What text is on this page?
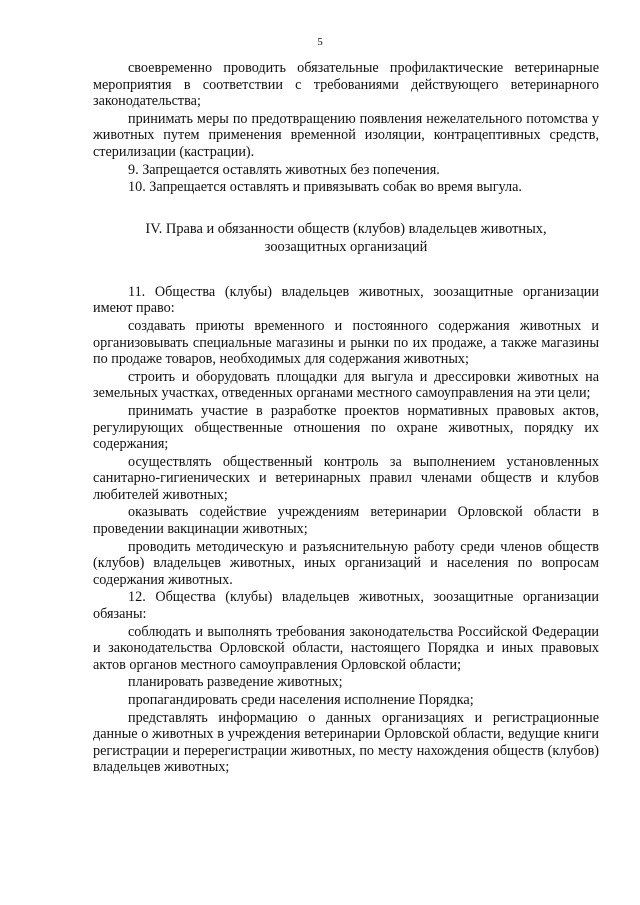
5

своевременно проводить обязательные профилактические ветеринарные мероприятия в соответствии с требованиями действующего ветеринарного законодательства;

принимать меры по предотвращению появления нежелательного потомства у животных путем применения временной изоляции, контрацептивных средств, стерилизации (кастрации).

9. Запрещается оставлять животных без попечения.

10. Запрещается оставлять и привязывать собак во время выгула.

IV. Права и обязанности обществ (клубов) владельцев животных,
зоозащитных организаций

11. Общества (клубы) владельцев животных, зоозащитные организации имеют право:

создавать приюты временного и постоянного содержания животных и организовывать специальные магазины и рынки по их продаже, а также магазины по продаже товаров, необходимых для содержания животных;

строить и оборудовать площадки для выгула и дрессировки животных на земельных участках, отведенных органами местного самоуправления на эти цели;

принимать участие в разработке проектов нормативных правовых актов, регулирующих общественные отношения по охране животных, порядку их содержания;

осуществлять общественный контроль за выполнением установленных санитарно-гигиенических и ветеринарных правил членами обществ и клубов любителей животных;

оказывать содействие учреждениям ветеринарии Орловской области в проведении вакцинации животных;

проводить методическую и разъяснительную работу среди членов обществ (клубов) владельцев животных, иных организаций и населения по вопросам содержания животных.

12. Общества (клубы) владельцев животных, зоозащитные организации обязаны:

соблюдать и выполнять требования законодательства Российской Федерации и законодательства Орловской области, настоящего Порядка и иных правовых актов органов местного самоуправления Орловской области;

планировать разведение животных;

пропагандировать среди населения исполнение Порядка;

представлять информацию о данных организациях и регистрационные данные о животных в учреждения ветеринарии Орловской области, ведущие книги регистрации и перерегистрации животных, по месту нахождения обществ (клубов) владельцев животных;
